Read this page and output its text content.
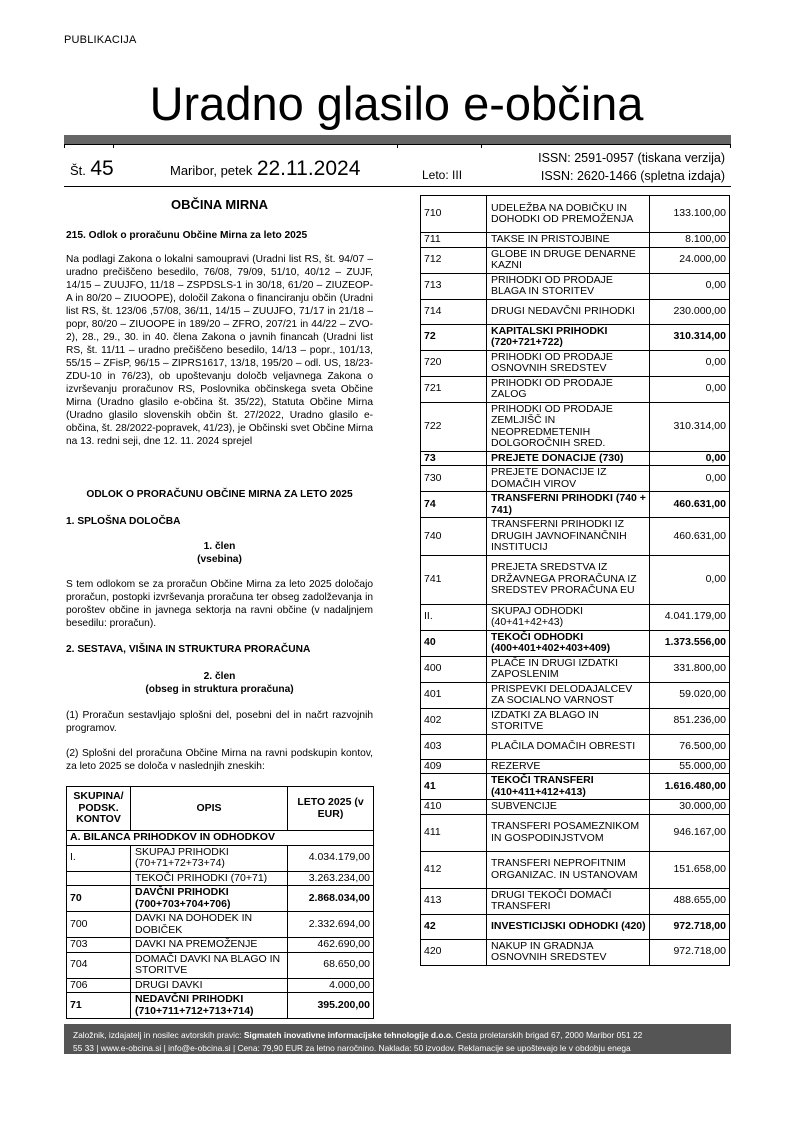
PUBLIKACIJA
Uradno glasilo e-občina
Št. 45	Maribor, petek 22.11.2024	Leto: III
ISSN: 2591-0957 (tiskana verzija)
ISSN: 2620-1466 (spletna izdaja)
OBČINA MIRNA
215. Odlok o proračunu Občine Mirna za leto 2025
Na podlagi Zakona o lokalni samoupravi (Uradni list RS, št. 94/07 – uradno prečiščeno besedilo, 76/08, 79/09, 51/10, 40/12 – ZUJF, 14/15 – ZUUJFO, 11/18 – ZSPDSLS-1 in 30/18, 61/20 – ZIUZEOP-A in 80/20 – ZIUOOPE), določil Zakona o financiranju občin (Uradni list RS, št. 123/06 ,57/08, 36/11, 14/15 – ZUUJFO, 71/17 in 21/18 – popr, 80/20 – ZIUOOPE in 189/20 – ZFRO, 207/21 in 44/22 – ZVO-2), 28., 29., 30. in 40. člena Zakona o javnih financah (Uradni list RS, št. 11/11 – uradno prečiščeno besedilo, 14/13 – popr., 101/13, 55/15 – ZFisP, 96/15 – ZIPRS1617, 13/18, 195/20 – odl. US, 18/23-ZDU-10 in 76/23), ob upoštevanju določb veljavnega Zakona o izvrševanju proračunov RS, Poslovnika občinskega sveta Občine Mirna (Uradno glasilo e-občina št. 35/22), Statuta Občine Mirna (Uradno glasilo slovenskih občin št. 27/2022, Uradno glasilo e-občina, št. 28/2022-popravek, 41/23), je Občinski svet Občine Mirna na 13. redni seji, dne 12. 11. 2024 sprejel
ODLOK O PRORAČUNU OBČINE MIRNA ZA LETO 2025
1. SPLOŠNA DOLOČBA

1. člen

(vsebina)

S tem odlokom se za proračun Občine Mirna za leto 2025 določajo proračun, postopki izvrševanja proračuna ter obseg zadolževanja in poroštev občine in javnega sektorja na ravni občine (v nadaljnjem besedilu: proračun).
2. SESTAVA, VIŠINA IN STRUKTURA PRORAČUNA

2. člen

(obseg in struktura proračuna)

(1) Proračun sestavljajo splošni del, posebni del in načrt razvojnih programov.
(2) Splošni del proračuna Občine Mirna na ravni podskupin kontov, za leto 2025 se določa v naslednjih zneskih:
SKUPINA/ PODSK. KONTOV	OPIS	LETO 2025 (v EUR)
A. BILANCA PRIHODKOV IN ODHODKOV		
I.	SKUPAJ PRIHODKI (70+71+72+73+74)	4.034.179,00
	TEKOČI PRIHODKI (70+71)	3.263.234,00
70	DAVČNI PRIHODKI (700+703+704+706)	2.868.034,00
700	DAVKI NA DOHODEK IN DOBIČEK	2.332.694,00
703	DAVKI NA PREMOŽENJE	462.690,00
704	DOMAČI DAVKI NA BLAGO IN STORITVE	68.650,00
706	DRUGI DAVKI	4.000,00
71	NEDAVČNI PRIHODKI (710+711+712+713+714)	395.200,00
710	UDELEŽBA NA DOBIČKU IN DOHODKI OD PREMOŽENJA	133.100,00
711	TAKSE IN PRISTOJBINE	8.100,00
712	GLOBE IN DRUGE DENARNE KAZNI	24.000,00
713	PRIHODKI OD PRODAJE BLAGA IN STORITEV	0,00
714	DRUGI NEDAVČNI PRIHODKI	230.000,00
72	KAPITALSKI PRIHODKI (720+721+722)	310.314,00
720	PRIHODKI OD PRODAJE OSNOVNIH SREDSTEV	0,00
721	PRIHODKI OD PRODAJE ZALOG	0,00
722	PRIHODKI OD PRODAJE ZEMLJIŠČ IN NEOPREDMETENIH DOLGOROČNIH SRED.	310.314,00
73	PREJETE DONACIJE (730)	0,00
730	PREJETE DONACIJE IZ DOMAČIH VIROV	0,00
74	TRANSFERNI PRIHODKI (740 + 741)	460.631,00
740	TRANSFERNI PRIHODKI IZ DRUGIH JAVNOFINANČNIH INSTITUCIJ	460.631,00
741	PREJETA SREDSTVA IZ DRŽAVNEGA PRORAČUNA IZ SREDSTEV PRORAČUNA EU	0,00
II.	SKUPAJ ODHODKI (40+41+42+43)	4.041.179,00
40	TEKOČI ODHODKI (400+401+402+403+409)	1.373.556,00
400	PLAČE IN DRUGI IZDATKI ZAPOSLENIM	331.800,00
401	PRISPEVKI DELODAJALCEV ZA SOCIALNO VARNOST	59.020,00
402	IZDATKI ZA BLAGO IN STORITVE	851.236,00
403	PLAČILA DOMAČIH OBRESTI	76.500,00
409	REZERVE	55.000,00
41	TEKOČI TRANSFERI (410+411+412+413)	1.616.480,00
410	SUBVENCIJE	30.000,00
411	TRANSFERI POSAMEZNIKOM IN GOSPODINJSTVOM	946.167,00
412	TRANSFERI NEPROFITNIM ORGANIZAC. IN USTANOVAM	151.658,00
413	DRUGI TEKOČI DOMAČI TRANSFERI	488.655,00
42	INVESTICIJSKI ODHODKI (420)	972.718,00
420	NAKUP IN GRADNJA OSNOVNIH SREDSTEV	972.718,00
Založnik, izdajatelj in nosilec avtorskih pravic: Sigmateh inovativne informacijske tehnologije d.o.o. Cesta proletarskih brigad 67, 2000 Maribor 051 22
55 33 | www.e-obcina.si | info@e-obcina.si | Cena: 79,90 EUR za letno naročnino. Naklada: 50 izvodov. Reklamacije se upoštevajo le v obdobju enega
